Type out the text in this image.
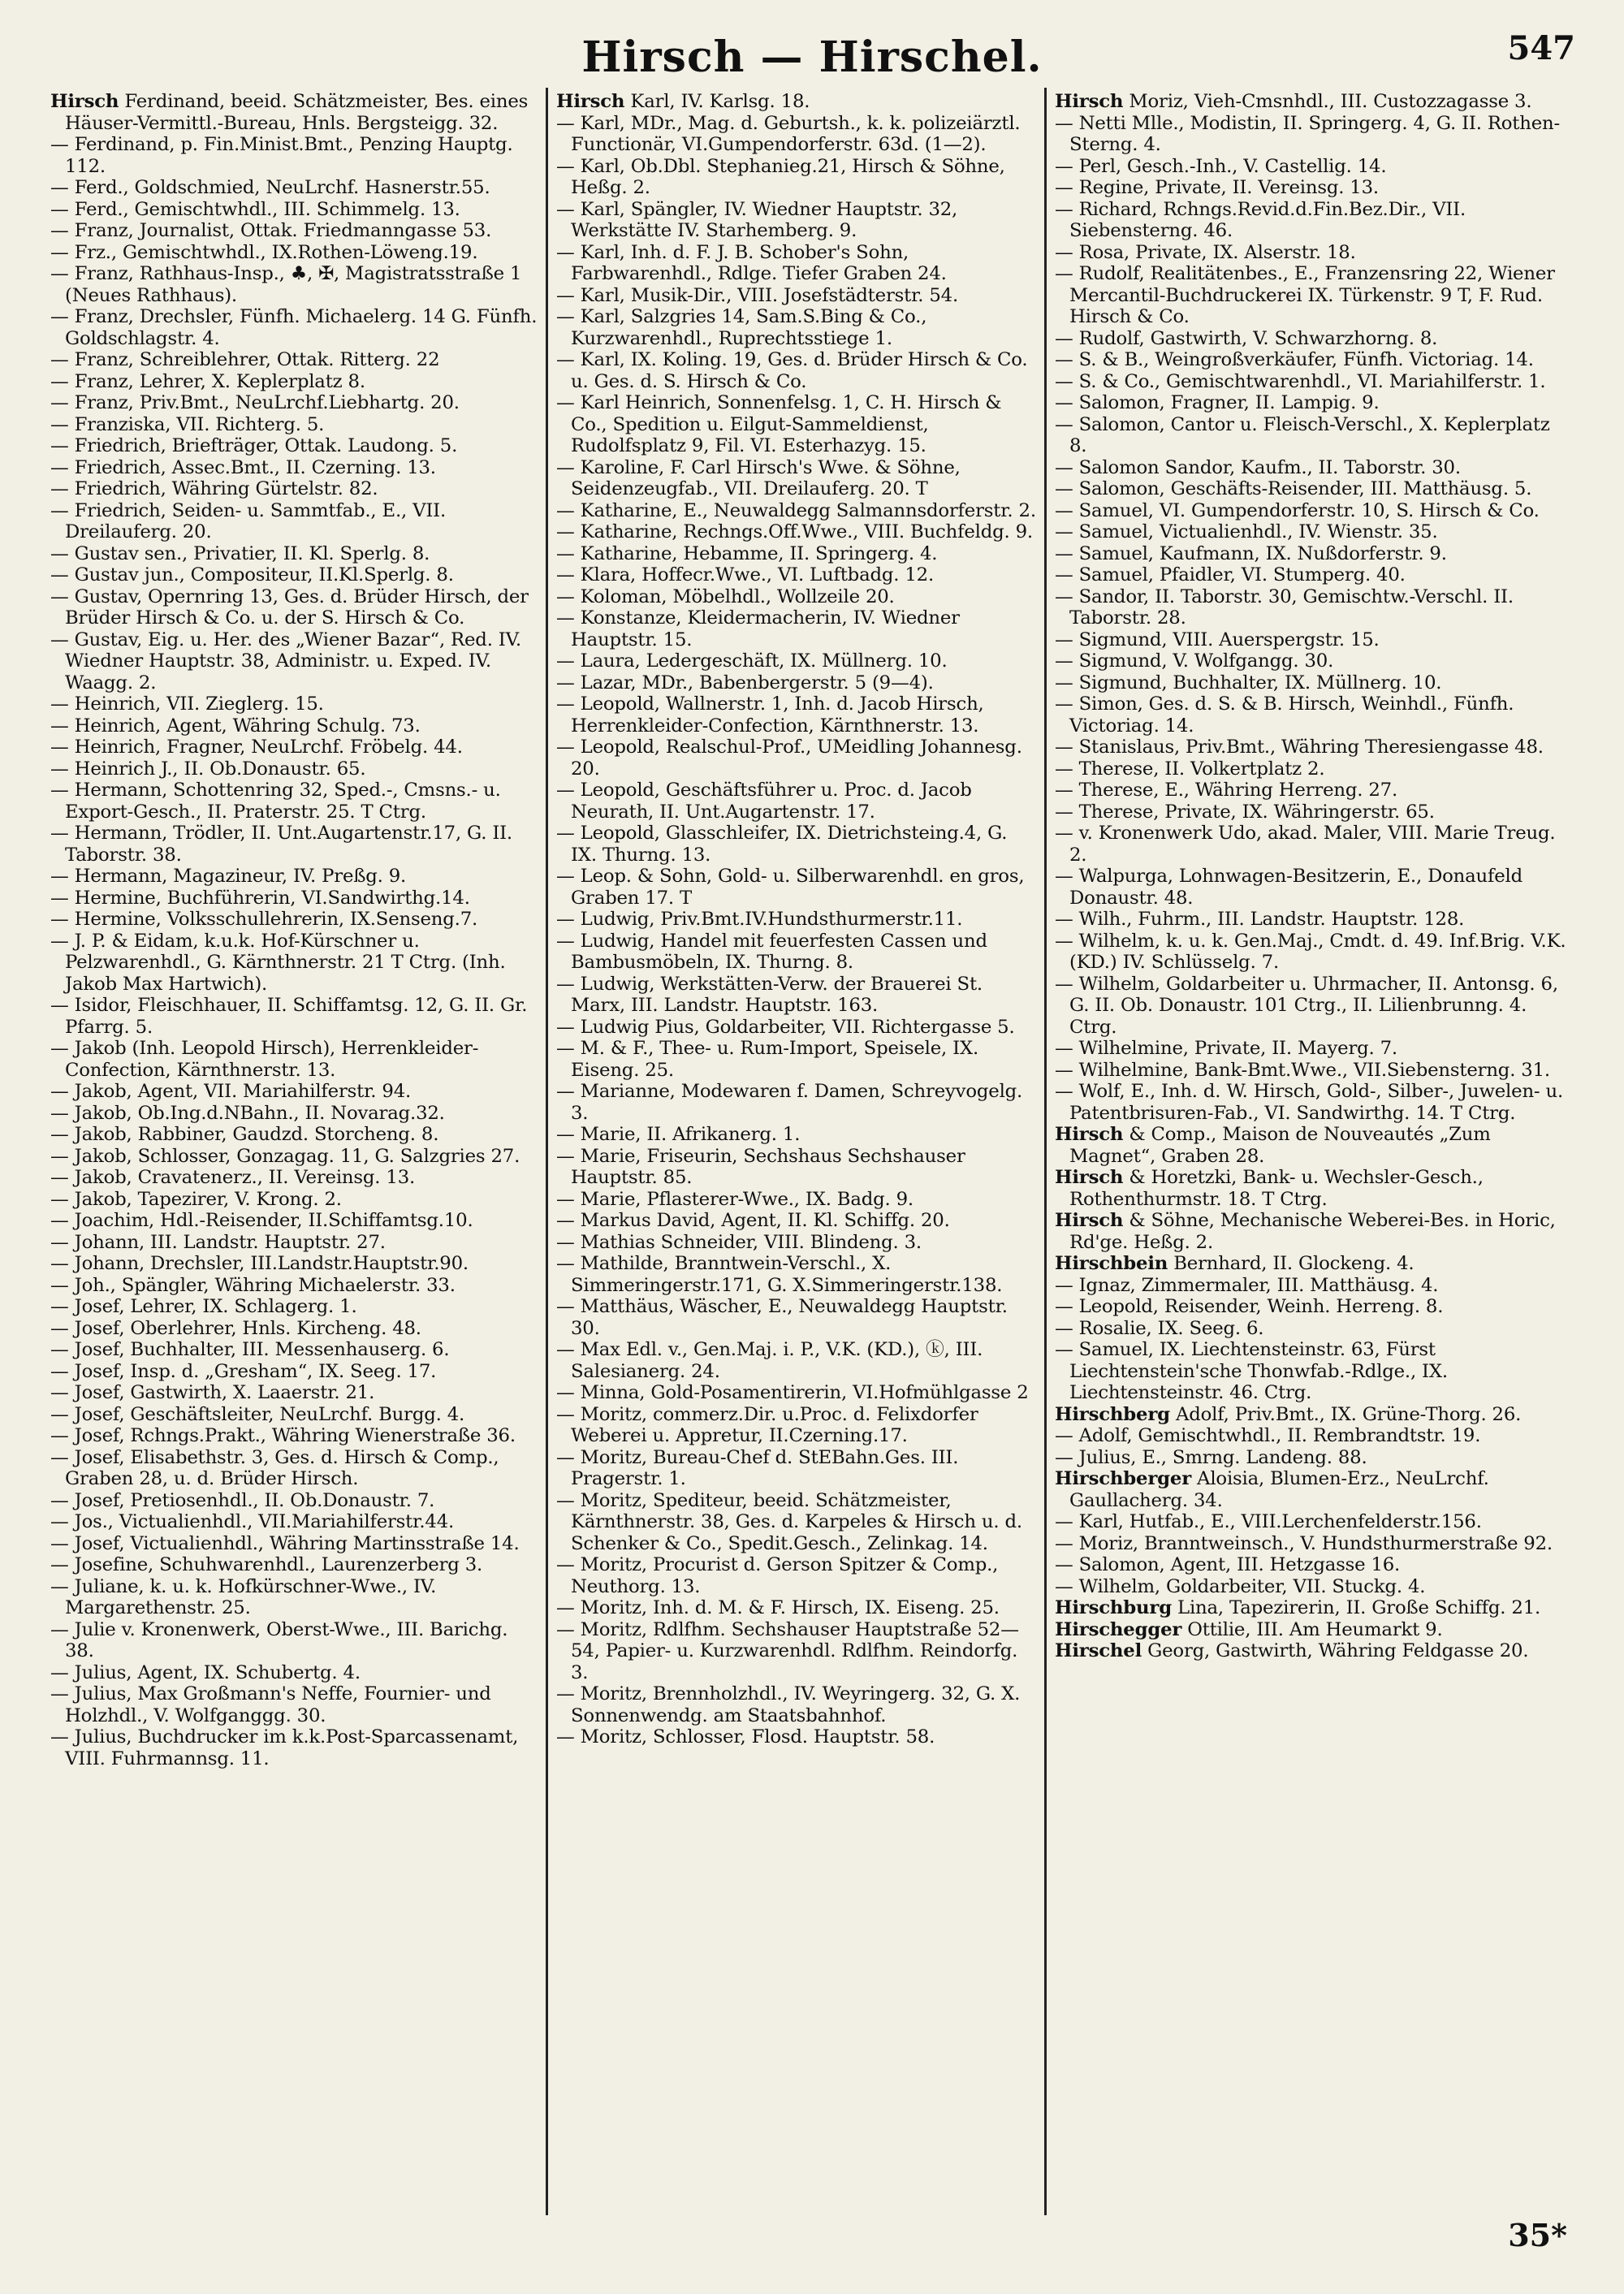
Hirsch — Hirschel.	547

Hirsch Ferdinand, beeid. Schätzmeister, Bes. eines Häuser-Vermittl.-Bureau, Hnls. Bergsteigg. 32.

— Ferdinand, p. Fin.Minist.Bmt., Penzing Hauptg. 112.

— Ferd., Goldschmied, NeuLrchf. Hasnerstr.55.

— Ferd., Gemischtwhdl., III. Schimmelg. 13.

— Franz, Journalist, Ottak. Friedmanngasse 53.

— Frz., Gemischtwhdl., IX.Rothen-Löweng.19.

— Franz, Rathhaus-Insp., ♣, ✠, Magistratsstraße 1 (Neues Rathhaus).

— Franz, Drechsler, Fünfh. Michaelerg. 14 G. Fünfh. Goldschlagstr. 4.

— Franz, Schreiblehrer, Ottak. Ritterg. 22

— Franz, Lehrer, X. Keplerplatz 8.

— Franz, Priv.Bmt., NeuLrchf.Liebhartg. 20.

— Franziska, VII. Richterg. 5.

— Friedrich, Briefträger, Ottak. Laudong. 5.

— Friedrich, Assec.Bmt., II. Czerning. 13.

— Friedrich, Währing Gürtelstr. 82.

— Friedrich, Seiden- u. Sammtfab., E., VII. Dreilauferg. 20.

— Gustav sen., Privatier, II. Kl. Sperlg. 8.

— Gustav jun., Compositeur, II.Kl.Sperlg. 8.

— Gustav, Opernring 13, Ges. d. Brüder Hirsch, der Brüder Hirsch & Co. u. der S. Hirsch & Co.

— Gustav, Eig. u. Her. des „Wiener Bazar“, Red. IV. Wiedner Hauptstr. 38, Administr. u. Exped. IV. Waagg. 2.

— Heinrich, VII. Zieglerg. 15.

— Heinrich, Agent, Währing Schulg. 73.

— Heinrich, Fragner, NeuLrchf. Fröbelg. 44.

— Heinrich J., II. Ob.Donaustr. 65.

— Hermann, Schottenring 32, Sped.-, Cmsns.- u. Export-Gesch., II. Praterstr. 25. T Ctrg.

— Hermann, Trödler, II. Unt.Augartenstr.17, G. II. Taborstr. 38.

— Hermann, Magazineur, IV. Preßg. 9.

— Hermine, Buchführerin, VI.Sandwirthg.14.

— Hermine, Volksschullehrerin, IX.Senseng.7.

— J. P. & Eidam, k.u.k. Hof-Kürschner u. Pelzwarenhdl., G. Kärnthnerstr. 21 T Ctrg. (Inh. Jakob Max Hartwich).

— Isidor, Fleischhauer, II. Schiffamtsg. 12, G. II. Gr. Pfarrg. 5.

— Jakob (Inh. Leopold Hirsch), Herrenkleider-Confection, Kärnthnerstr. 13.

— Jakob, Agent, VII. Mariahilferstr. 94.

— Jakob, Ob.Ing.d.NBahn., II. Novarag.32.

— Jakob, Rabbiner, Gaudzd. Storcheng. 8.

— Jakob, Schlosser, Gonzagag. 11, G. Salzgries 27.

— Jakob, Cravatenerz., II. Vereinsg. 13.

— Jakob, Tapezirer, V. Krong. 2.

— Joachim, Hdl.-Reisender, II.Schiffamtsg.10.

— Johann, III. Landstr. Hauptstr. 27.

— Johann, Drechsler, III.Landstr.Hauptstr.90.

— Joh., Spängler, Währing Michaelerstr. 33.

— Josef, Lehrer, IX. Schlagerg. 1.

— Josef, Oberlehrer, Hnls. Kircheng. 48.

— Josef, Buchhalter, III. Messenhauserg. 6.

— Josef, Insp. d. „Gresham“, IX. Seeg. 17.

— Josef, Gastwirth, X. Laaerstr. 21.

— Josef, Geschäftsleiter, NeuLrchf. Burgg. 4.

— Josef, Rchngs.Prakt., Währing Wienerstraße 36.

— Josef, Elisabethstr. 3, Ges. d. Hirsch & Comp., Graben 28, u. d. Brüder Hirsch.

— Josef, Pretiosenhdl., II. Ob.Donaustr. 7.

— Jos., Victualienhdl., VII.Mariahilferstr.44.

— Josef, Victualienhdl., Währing Martinsstraße 14.

— Josefine, Schuhwarenhdl., Laurenzerberg 3.

— Juliane, k. u. k. Hofkürschner-Wwe., IV. Margarethenstr. 25.

— Julie v. Kronenwerk, Oberst-Wwe., III. Barichg. 38.

— Julius, Agent, IX. Schubertg. 4.

— Julius, Max Großmann's Neffe, Fournier- und Holzhdl., V. Wolfganggg. 30.

— Julius, Buchdrucker im k.k.Post-Sparcassenamt, VIII. Fuhrmannsg. 11.

Hirsch Karl, IV. Karlsg. 18.

— Karl, MDr., Mag. d. Geburtsh., k. k. polizeiärztl. Functionär, VI.Gumpendorferstr. 63d. (1—2).

— Karl, Ob.Dbl. Stephanieg.21, Hirsch & Söhne, Heßg. 2.

— Karl, Spängler, IV. Wiedner Hauptstr. 32, Werkstätte IV. Starhemberg. 9.

— Karl, Inh. d. F. J. B. Schober's Sohn, Farbwarenhdl., Rdlge. Tiefer Graben 24.

— Karl, Musik-Dir., VIII. Josefstädterstr. 54.

— Karl, Salzgries 14, Sam.S.Bing & Co., Kurzwarenhdl., Ruprechtsstiege 1.

— Karl, IX. Koling. 19, Ges. d. Brüder Hirsch & Co. u. Ges. d. S. Hirsch & Co.

— Karl Heinrich, Sonnenfelsg. 1, C. H. Hirsch & Co., Spedition u. Eilgut-Sammeldienst, Rudolfsplatz 9, Fil. VI. Esterhazyg. 15.

— Karoline, F. Carl Hirsch's Wwe. & Söhne, Seidenzeugfab., VII. Dreilauferg. 20. T

— Katharine, E., Neuwaldegg Salmannsdorferstr. 2.

— Katharine, Rechngs.Off.Wwe., VIII. Buchfeldg. 9.

— Katharine, Hebamme, II. Springerg. 4.

— Klara, Hoffecr.Wwe., VI. Luftbadg. 12.

— Koloman, Möbelhdl., Wollzeile 20.

— Konstanze, Kleidermacherin, IV. Wiedner Hauptstr. 15.

— Laura, Ledergeschäft, IX. Müllnerg. 10.

— Lazar, MDr., Babenbergerstr. 5 (9—4).

— Leopold, Wallnerstr. 1, Inh. d. Jacob Hirsch, Herrenkleider-Confection, Kärnthnerstr. 13.

— Leopold, Realschul-Prof., UMeidling Johannesg. 20.

— Leopold, Geschäftsführer u. Proc. d. Jacob Neurath, II. Unt.Augartenstr. 17.

— Leopold, Glasschleifer, IX. Dietrichsteing.4, G. IX. Thurng. 13.

— Leop. & Sohn, Gold- u. Silberwarenhdl. en gros, Graben 17. T

— Ludwig, Priv.Bmt.IV.Hundsthurmerstr.11.

— Ludwig, Handel mit feuerfesten Cassen und Bambusmöbeln, IX. Thurng. 8.

— Ludwig, Werkstätten-Verw. der Brauerei St. Marx, III. Landstr. Hauptstr. 163.

— Ludwig Pius, Goldarbeiter, VII. Richtergasse 5.

— M. & F., Thee- u. Rum-Import, Speisele, IX. Eiseng. 25.

— Marianne, Modewaren f. Damen, Schreyvogelg. 3.

— Marie, II. Afrikanerg. 1.

— Marie, Friseurin, Sechshaus Sechshauser Hauptstr. 85.

— Marie, Pflasterer-Wwe., IX. Badg. 9.

— Markus David, Agent, II. Kl. Schiffg. 20.

— Mathias Schneider, VIII. Blindeng. 3.

— Mathilde, Branntwein-Verschl., X. Simmeringerstr.171, G. X.Simmeringerstr.138.

— Matthäus, Wäscher, E., Neuwaldegg Hauptstr. 30.

— Max Edl. v., Gen.Maj. i. P., V.K. (KD.), ⓚ, III. Salesianerg. 24.

— Minna, Gold-Posamentirerin, VI.Hofmühlgasse 2

— Moritz, commerz.Dir. u.Proc. d. Felixdorfer Weberei u. Appretur, II.Czerning.17.

— Moritz, Bureau-Chef d. StEBahn.Ges. III. Pragerstr. 1.

— Moritz, Spediteur, beeid. Schätzmeister, Kärnthnerstr. 38, Ges. d. Karpeles & Hirsch u. d. Schenker & Co., Spedit.Gesch., Zelinkag. 14.

— Moritz, Procurist d. Gerson Spitzer & Comp., Neuthorg. 13.

— Moritz, Inh. d. M. & F. Hirsch, IX. Eiseng. 25.

— Moritz, Rdlfhm. Sechshauser Hauptstraße 52—54, Papier- u. Kurzwarenhdl. Rdlfhm. Reindorfg. 3.

— Moritz, Brennholzhdl., IV. Weyringerg. 32, G. X. Sonnenwendg. am Staatsbahnhof.

— Moritz, Schlosser, Flosd. Hauptstr. 58.

Hirsch Moriz, Vieh-Cmsnhdl., III. Custozzagasse 3.

— Netti Mlle., Modistin, II. Springerg. 4, G. II. Rothen-Sterng. 4.

— Perl, Gesch.-Inh., V. Castellig. 14.

— Regine, Private, II. Vereinsg. 13.

— Richard, Rchngs.Revid.d.Fin.Bez.Dir., VII. Siebensterng. 46.

— Rosa, Private, IX. Alserstr. 18.

— Rudolf, Realitätenbes., E., Franzensring 22, Wiener Mercantil-Buchdruckerei IX. Türkenstr. 9 T, F. Rud. Hirsch & Co.

— Rudolf, Gastwirth, V. Schwarzhorng. 8.

— S. & B., Weingroßverkäufer, Fünfh. Victoriag. 14.

— S. & Co., Gemischtwarenhdl., VI. Mariahilferstr. 1.

— Salomon, Fragner, II. Lampig. 9.

— Salomon, Cantor u. Fleisch-Verschl., X. Keplerplatz 8.

— Salomon Sandor, Kaufm., II. Taborstr. 30.

— Salomon, Geschäfts-Reisender, III. Matthäusg. 5.

— Samuel, VI. Gumpendorferstr. 10, S. Hirsch & Co.

— Samuel, Victualienhdl., IV. Wienstr. 35.

— Samuel, Kaufmann, IX. Nußdorferstr. 9.

— Samuel, Pfaidler, VI. Stumperg. 40.

— Sandor, II. Taborstr. 30, Gemischtw.-Verschl. II. Taborstr. 28.

— Sigmund, VIII. Auerspergstr. 15.

— Sigmund, V. Wolfgangg. 30.

— Sigmund, Buchhalter, IX. Müllnerg. 10.

— Simon, Ges. d. S. & B. Hirsch, Weinhdl., Fünfh. Victoriag. 14.

— Stanislaus, Priv.Bmt., Währing Theresiengasse 48.

— Therese, II. Volkertplatz 2.

— Therese, E., Währing Herreng. 27.

— Therese, Private, IX. Währingerstr. 65.

— v. Kronenwerk Udo, akad. Maler, VIII. Marie Treug. 2.

— Walpurga, Lohnwagen-Besitzerin, E., Donaufeld Donaustr. 48.

— Wilh., Fuhrm., III. Landstr. Hauptstr. 128.

— Wilhelm, k. u. k. Gen.Maj., Cmdt. d. 49. Inf.Brig. V.K. (KD.) IV. Schlüsselg. 7.

— Wilhelm, Goldarbeiter u. Uhrmacher, II. Antonsg. 6, G. II. Ob. Donaustr. 101 Ctrg., II. Lilienbrunng. 4. Ctrg.

— Wilhelmine, Private, II. Mayerg. 7.

— Wilhelmine, Bank-Bmt.Wwe., VII.Siebensterng. 31.

— Wolf, E., Inh. d. W. Hirsch, Gold-, Silber-, Juwelen- u. Patentbrisuren-Fab., VI. Sandwirthg. 14. T Ctrg.

Hirsch & Comp., Maison de Nouveautés „Zum Magnet“, Graben 28.

Hirsch & Horetzki, Bank- u. Wechsler-Gesch., Rothenthurmstr. 18. T Ctrg.

Hirsch & Söhne, Mechanische Weberei-Bes. in Horic, Rd'ge. Heßg. 2.

Hirschbein Bernhard, II. Glockeng. 4.

— Ignaz, Zimmermaler, III. Matthäusg. 4.

— Leopold, Reisender, Weinh. Herreng. 8.

— Rosalie, IX. Seeg. 6.

— Samuel, IX. Liechtensteinstr. 63, Fürst Liechtenstein'sche Thonwfab.-Rdlge., IX. Liechtensteinstr. 46. Ctrg.

Hirschberg Adolf, Priv.Bmt., IX. Grüne-Thorg. 26.

— Adolf, Gemischtwhdl., II. Rembrandtstr. 19.

— Julius, E., Smrng. Landeng. 88.

Hirschberger Aloisia, Blumen-Erz., NeuLrchf. Gaullacherg. 34.

— Karl, Hutfab., E., VIII.Lerchenfelderstr.156.

— Moriz, Branntweinsch., V. Hundsthurmerstraße 92.

— Salomon, Agent, III. Hetzgasse 16.

— Wilhelm, Goldarbeiter, VII. Stuckg. 4.

Hirschburg Lina, Tapezirerin, II. Große Schiffg. 21.

Hirschegger Ottilie, III. Am Heumarkt 9.

Hirschel Georg, Gastwirth, Währing Feldgasse 20.

35*
